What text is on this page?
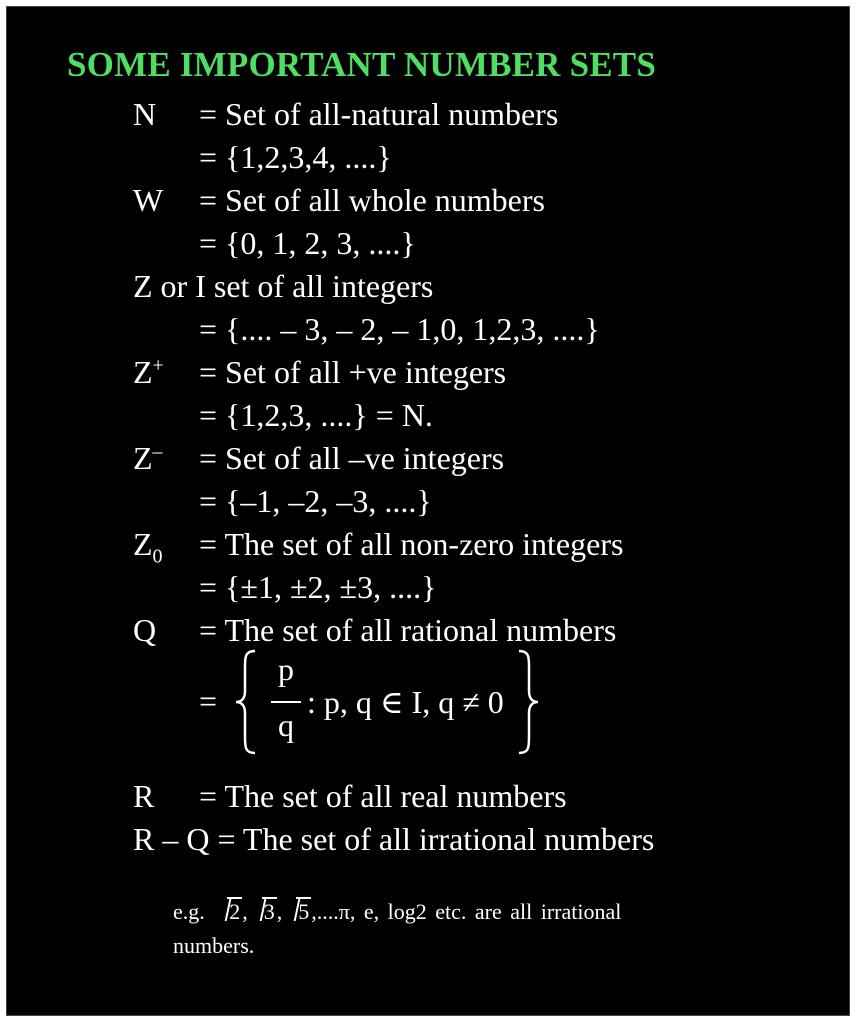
SOME IMPORTANT NUMBER SETS
N = Set of all-natural numbers
= {1,2,3,4, ....}
W = Set of all whole numbers
= {0, 1, 2, 3, ....}
Z or I set of all integers
= {.... – 3, – 2, – 1,0, 1,2,3, ....}
Z+ = Set of all +ve integers
= {1,2,3, ....} = N.
Z– = Set of all –ve integers
= {–1, –2, –3, ....}
$Z_0$ = The set of all non-zero integers
= {±1, ±2, ±3, ....}
Q = The set of all rational numbers
=
p
q
: p, q ∈ I, q ≠ 0
R = The set of all real numbers
R – Q = The set of all irrational numbers
e.g. 2, 3, 5,....π, e, log2 etc. are all irrational
numbers.
